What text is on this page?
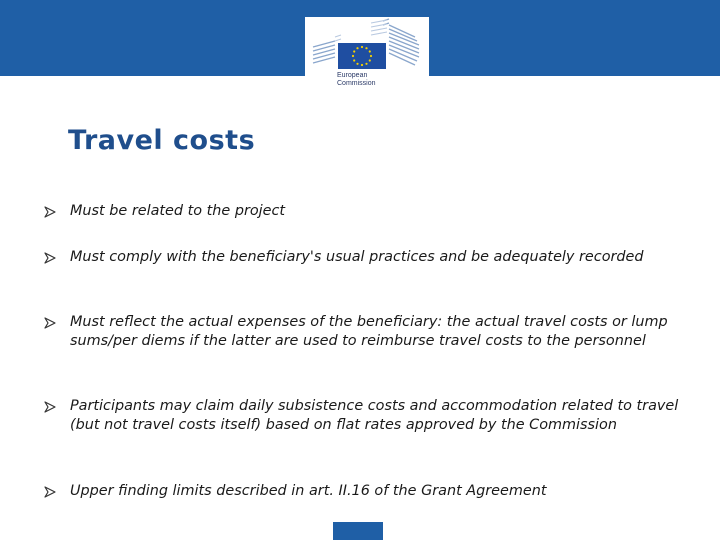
European
Commission
Travel costs
Must be related to the project
Must comply with the beneficiary's usual practices and be adequately recorded
Must reflect the actual expenses of the beneficiary: the actual travel costs or lump sums/per diems if the latter are used to reimburse travel costs to the personnel
Participants may claim daily subsistence costs and accommodation related to travel (but not travel costs itself) based on flat rates approved by the Commission
Upper finding limits described in art. II.16 of the Grant Agreement
